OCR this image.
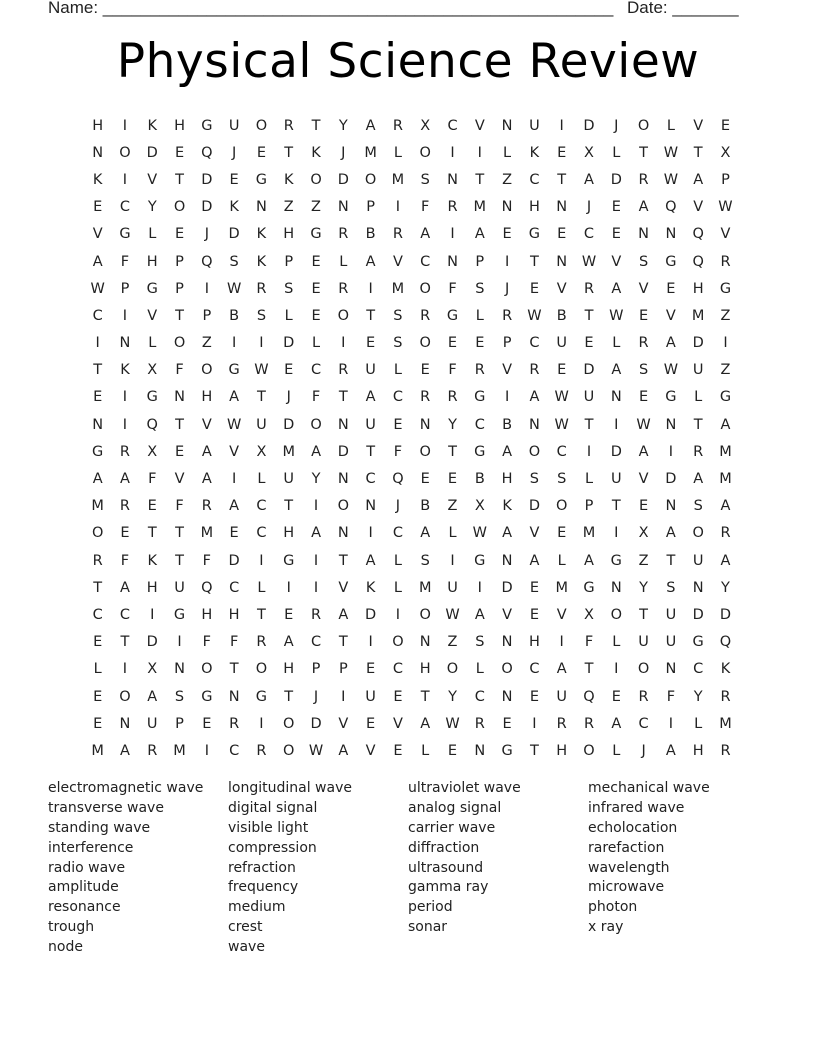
Name: ______________________________________________________ Date: _______
Physical Science Review
H	I	K	H	G	U	O	R	T	Y	A	R	X	C	V	N	U	I	D	J	O	L	V	E
N	O	D	E	Q	J	E	T	K	J	M	L	O	I	I	L	K	E	X	L	T	W	T	X
K	I	V	T	D	E	G	K	O	D	O	M	S	N	T	Z	C	T	A	D	R	W	A	P
E	C	Y	O	D	K	N	Z	Z	N	P	I	F	R	M	N	H	N	J	E	A	Q	V	W
V	G	L	E	J	D	K	H	G	R	B	R	A	I	A	E	G	E	C	E	N	N	Q	V
A	F	H	P	Q	S	K	P	E	L	A	V	C	N	P	I	T	N	W	V	S	G	Q	R
W	P	G	P	I	W	R	S	E	R	I	M	O	F	S	J	E	V	R	A	V	E	H	G
C	I	V	T	P	B	S	L	E	O	T	S	R	G	L	R	W	B	T	W	E	V	M	Z
I	N	L	O	Z	I	I	D	L	I	E	S	O	E	E	P	C	U	E	L	R	A	D	I
T	K	X	F	O	G	W	E	C	R	U	L	E	F	R	V	R	E	D	A	S	W	U	Z
E	I	G	N	H	A	T	J	F	T	A	C	R	R	G	I	A	W	U	N	E	G	L	G
N	I	Q	T	V	W	U	D	O	N	U	E	N	Y	C	B	N	W	T	I	W	N	T	A
G	R	X	E	A	V	X	M	A	D	T	F	O	T	G	A	O	C	I	D	A	I	R	M
A	A	F	V	A	I	L	U	Y	N	C	Q	E	E	B	H	S	S	L	U	V	D	A	M
M	R	E	F	R	A	C	T	I	O	N	J	B	Z	X	K	D	O	P	T	E	N	S	A
O	E	T	T	M	E	C	H	A	N	I	C	A	L	W	A	V	E	M	I	X	A	O	R
R	F	K	T	F	D	I	G	I	T	A	L	S	I	G	N	A	L	A	G	Z	T	U	A
T	A	H	U	Q	C	L	I	I	V	K	L	M	U	I	D	E	M	G	N	Y	S	N	Y
C	C	I	G	H	H	T	E	R	A	D	I	O W	A	V	E	V	X	O	T	U	D	D
E	T	D	I	F	F	R	A	C	T	I	O	N	Z	S	N	H	I	F	L	U	U	G	Q
L	I	X	N	O	T	O	H	P	P	E	C	H	O	L	O	C	A	T	I	O	N	C	K
E	O	A	S	G	N	G	T	J	I	U	E	T	Y	C	N	E	U	Q	E	R	F	Y	R
E	N	U	P	E	R	I	O	D	V	E	V	A	W	R	E	I	R	R	A	C	I	L	M
M	A	R	M	I	C	R	O W	A	V	E	L	E	N	G	T	H	O	L	J	A	H	R
electromagnetic wave
transverse wave
standing wave
interference
radio wave
amplitude
resonance
trough
node
longitudinal wave
digital signal
visible light
compression
refraction
frequency
medium
crest
wave
ultraviolet wave
analog signal
carrier wave
diffraction
ultrasound
gamma ray
period
sonar
mechanical wave
infrared wave
echolocation
rarefaction
wavelength
microwave
photon
x ray
